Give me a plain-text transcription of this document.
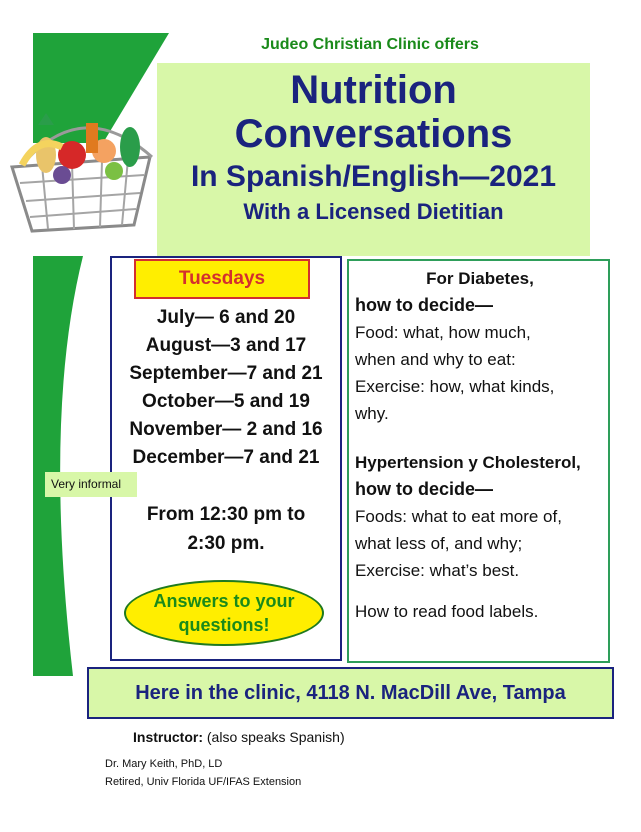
Judeo Christian Clinic offers
Nutrition
Conversations
In Spanish/English—2021
With a Licensed Dietitian
Tuesdays
July— 6 and 20
August—3 and 17
September—7 and 21
October—5 and 19
November— 2 and 16
December—7 and 21
Very informal
From 12:30 pm to
2:30 pm.
Answers to your
questions!
For Diabetes,
how to decide—
Food: what, how much,
when and why to eat:
Exercise: how, what kinds,
why.
Hypertension y Cholesterol,
how to decide—
Foods: what to eat more of,
what less of, and why;
Exercise: what’s best.
How to read food labels.
Here in the clinic, 4118 N. MacDill Ave, Tampa
Instructor: (also speaks Spanish)
Dr. Mary Keith, PhD, LD
Retired, Univ Florida UF/IFAS Extension
